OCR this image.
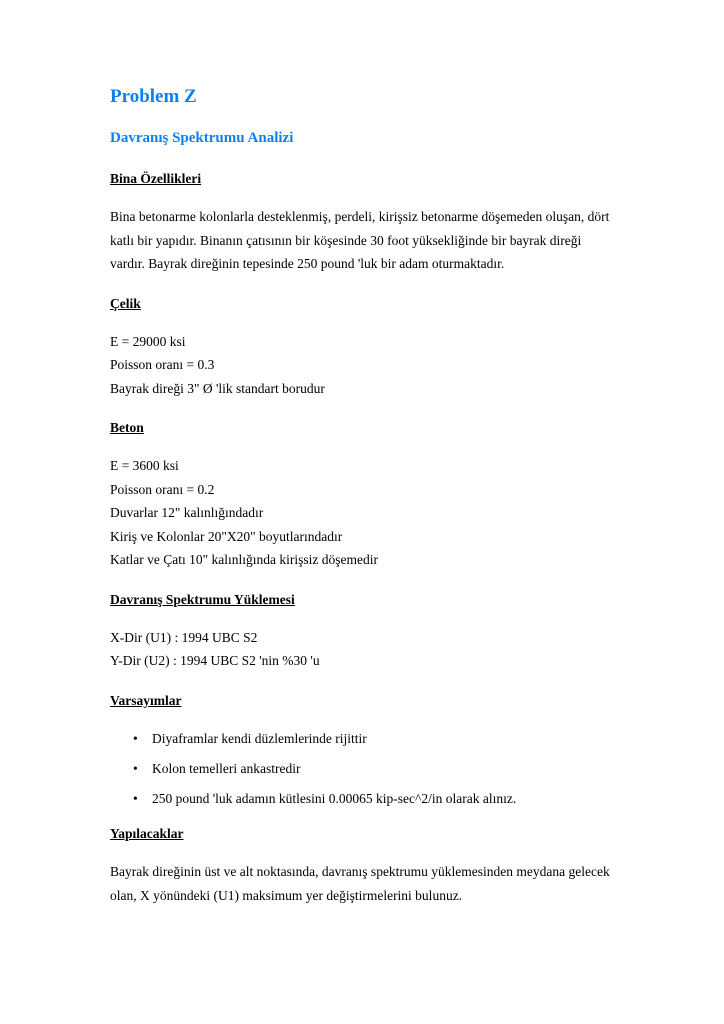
Problem Z
Davranış Spektrumu Analizi
Bina Özellikleri

Bina betonarme kolonlarla desteklenmiş, perdeli, kirişsiz betonarme döşemeden oluşan, dört katlı bir yapıdır. Binanın çatısının bir köşesinde 30 foot yüksekliğinde bir bayrak direği vardır. Bayrak direğinin tepesinde 250 pound 'luk bir adam oturmaktadır.

Çelik
E = 29000 ksi
Poisson oranı = 0.3
Bayrak direği 3" Ø 'lik standart borudur
Beton
E = 3600 ksi
Poisson oranı = 0.2
Duvarlar 12" kalınlığındadır
Kiriş ve Kolonlar 20"X20" boyutlarındadır
Katlar ve Çatı 10" kalınlığında kirişsiz döşemedir
Davranış Spektrumu Yüklemesi
X-Dir (U1) : 1994 UBC S2
Y-Dir (U2) : 1994 UBC S2 'nin %30 'u
Varsayımlar
• Diyaframlar kendi düzlemlerinde rijittir
• Kolon temelleri ankastredir
• 250 pound 'luk adamın kütlesini 0.00065 kip-sec^2/in olarak alınız.
Yapılacaklar

Bayrak direğinin üst ve alt noktasında, davranış spektrumu yüklemesinden meydana gelecek olan, X yönündeki (U1) maksimum yer değiştirmelerini bulunuz.
